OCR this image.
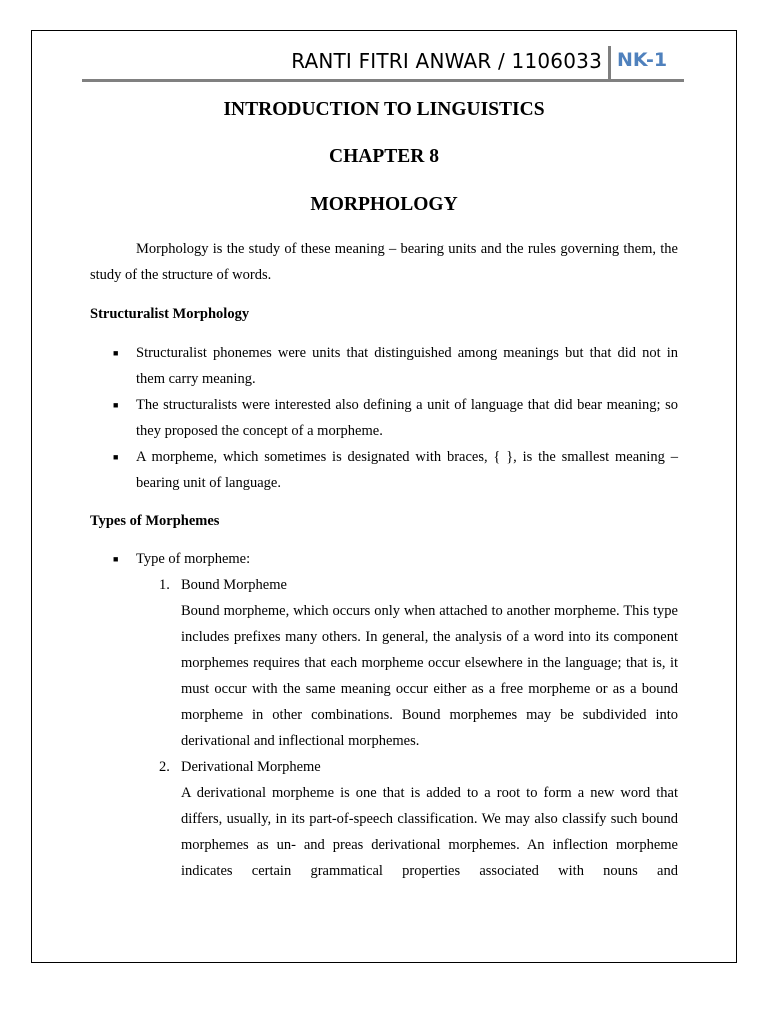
RANTI FITRI ANWAR / 1106033 NK-1
INTRODUCTION TO LINGUISTICS
CHAPTER 8
MORPHOLOGY
Morphology is the study of these meaning – bearing units and the rules governing them, the study of the structure of words.
Structuralist Morphology
■ Structuralist phonemes were units that distinguished among meanings but that did not in them carry meaning.
■ The structuralists were interested also defining a unit of language that did bear meaning; so they proposed the concept of a morpheme.
■ A morpheme, which sometimes is designated with braces, { }, is the smallest meaning – bearing unit of language.
Types of Morphemes
■ Type of morpheme:
1. Bound Morpheme
Bound morpheme, which occurs only when attached to another morpheme. This type includes prefixes many others. In general, the analysis of a word into its component morphemes requires that each morpheme occur elsewhere in the language; that is, it must occur with the same meaning occur either as a free morpheme or as a bound morpheme in other combinations. Bound morphemes may be subdivided into derivational and inflectional morphemes.
2. Derivational Morpheme
A derivational morpheme is one that is added to a root to form a new word that differs, usually, in its part-of-speech classification. We may also classify such bound morphemes as un- and preas derivational morphemes. An inflection morpheme indicates certain grammatical properties associated with nouns and
